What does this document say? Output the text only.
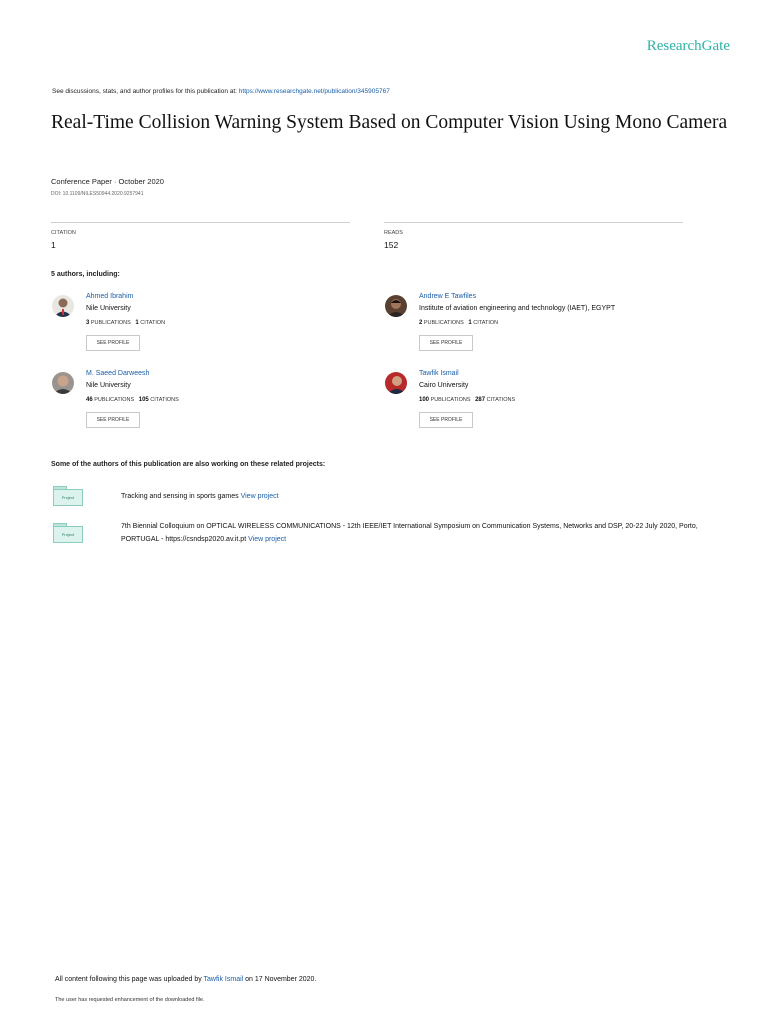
ResearchGate
See discussions, stats, and author profiles for this publication at: https://www.researchgate.net/publication/345905767
Real-Time Collision Warning System Based on Computer Vision Using Mono Camera
Conference Paper · October 2020
DOI: 10.1109/NILES50944.2020.9257941
CITATION
1
READS
152
5 authors, including:
Ahmed Ibrahim
Nile University
3 PUBLICATIONS 1 CITATION
SEE PROFILE
Andrew E Tawfiles
Institute of aviation engineering and technology (IAET), EGYPT
2 PUBLICATIONS 1 CITATION
SEE PROFILE
M. Saeed Darweesh
Nile University
46 PUBLICATIONS 105 CITATIONS
SEE PROFILE
Tawfik Ismail
Cairo University
100 PUBLICATIONS 287 CITATIONS
SEE PROFILE
Some of the authors of this publication are also working on these related projects:
Project	Tracking and sensing in sports games View project
Project
7th Biennial Colloquium on OPTICAL WIRELESS COMMUNICATIONS - 12th IEEE/IET International Symposium on Communication Systems, Networks and DSP, 20-22 July 2020, Porto, PORTUGAL - https://csndsp2020.av.it.pt View project
All content following this page was uploaded by Tawfik Ismail on 17 November 2020.
The user has requested enhancement of the downloaded file.
